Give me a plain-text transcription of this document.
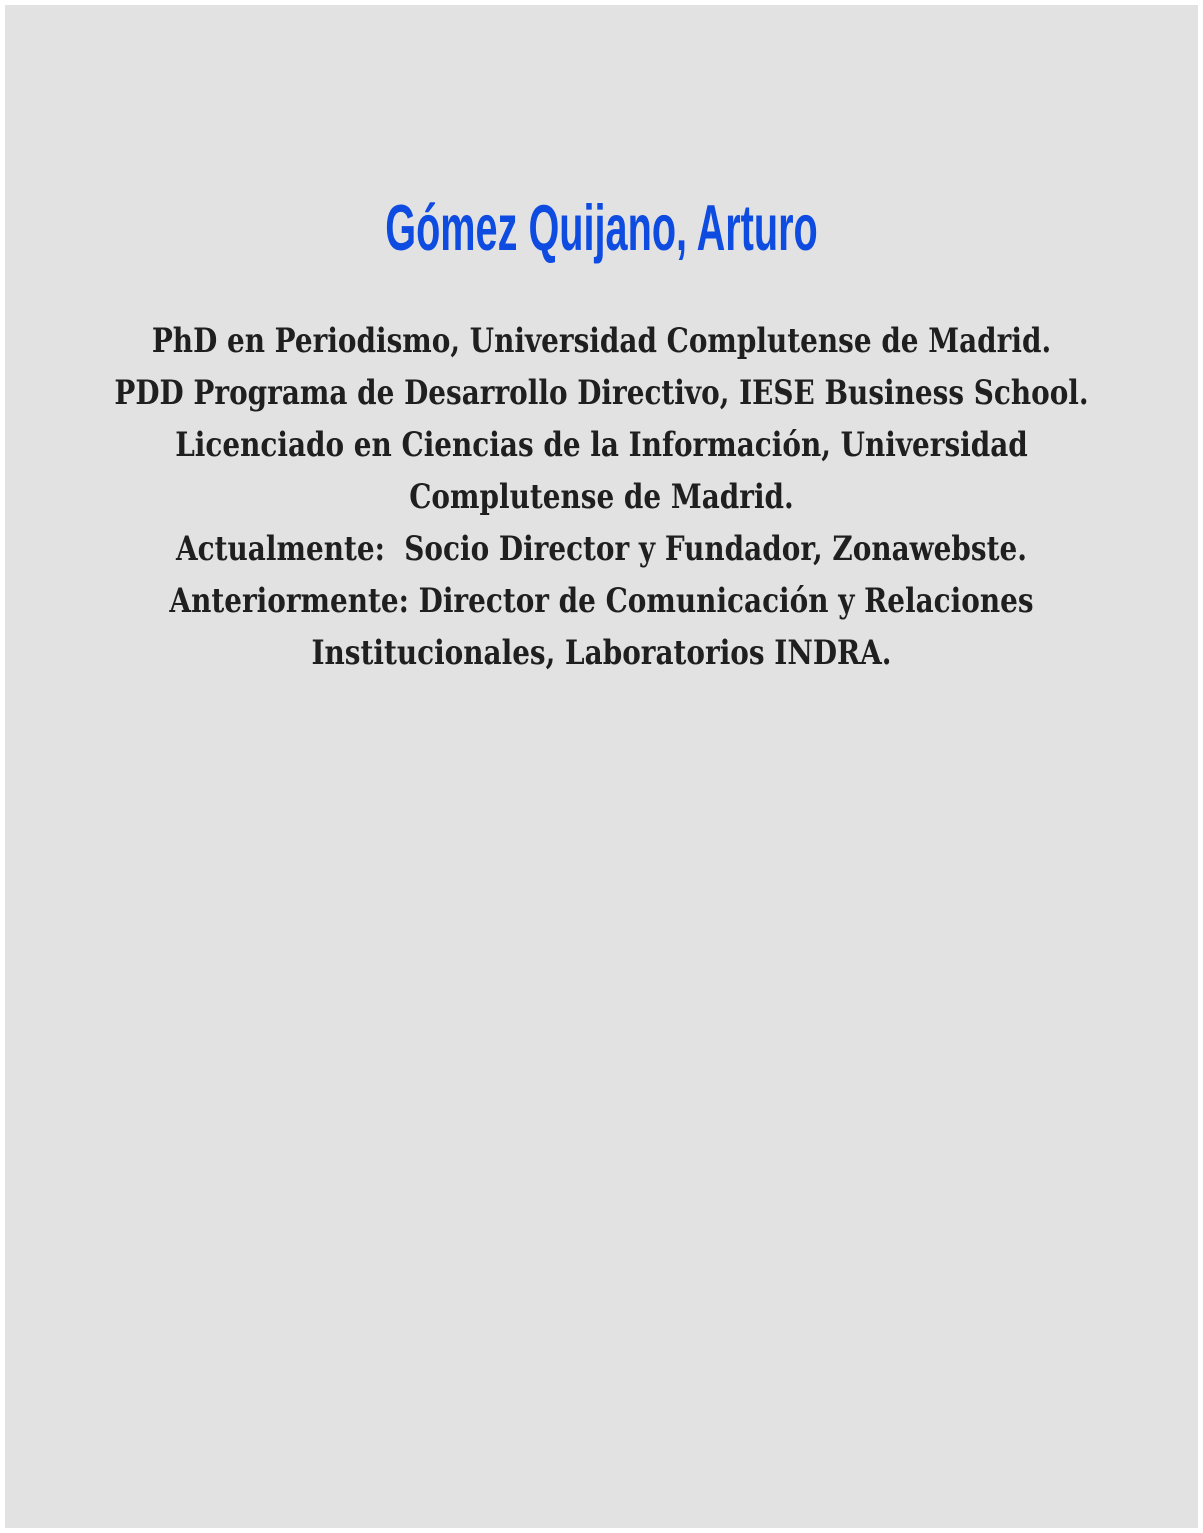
Gómez Quijano, Arturo
PhD en Periodismo, Universidad Complutense de Madrid.
PDD Programa de Desarrollo Directivo, IESE Business School.
Licenciado en Ciencias de la Información, Universidad
Complutense de Madrid.
Actualmente:  Socio Director y Fundador, Zonawebste.
Anteriormente: Director de Comunicación y Relaciones
Institucionales, Laboratorios INDRA.
